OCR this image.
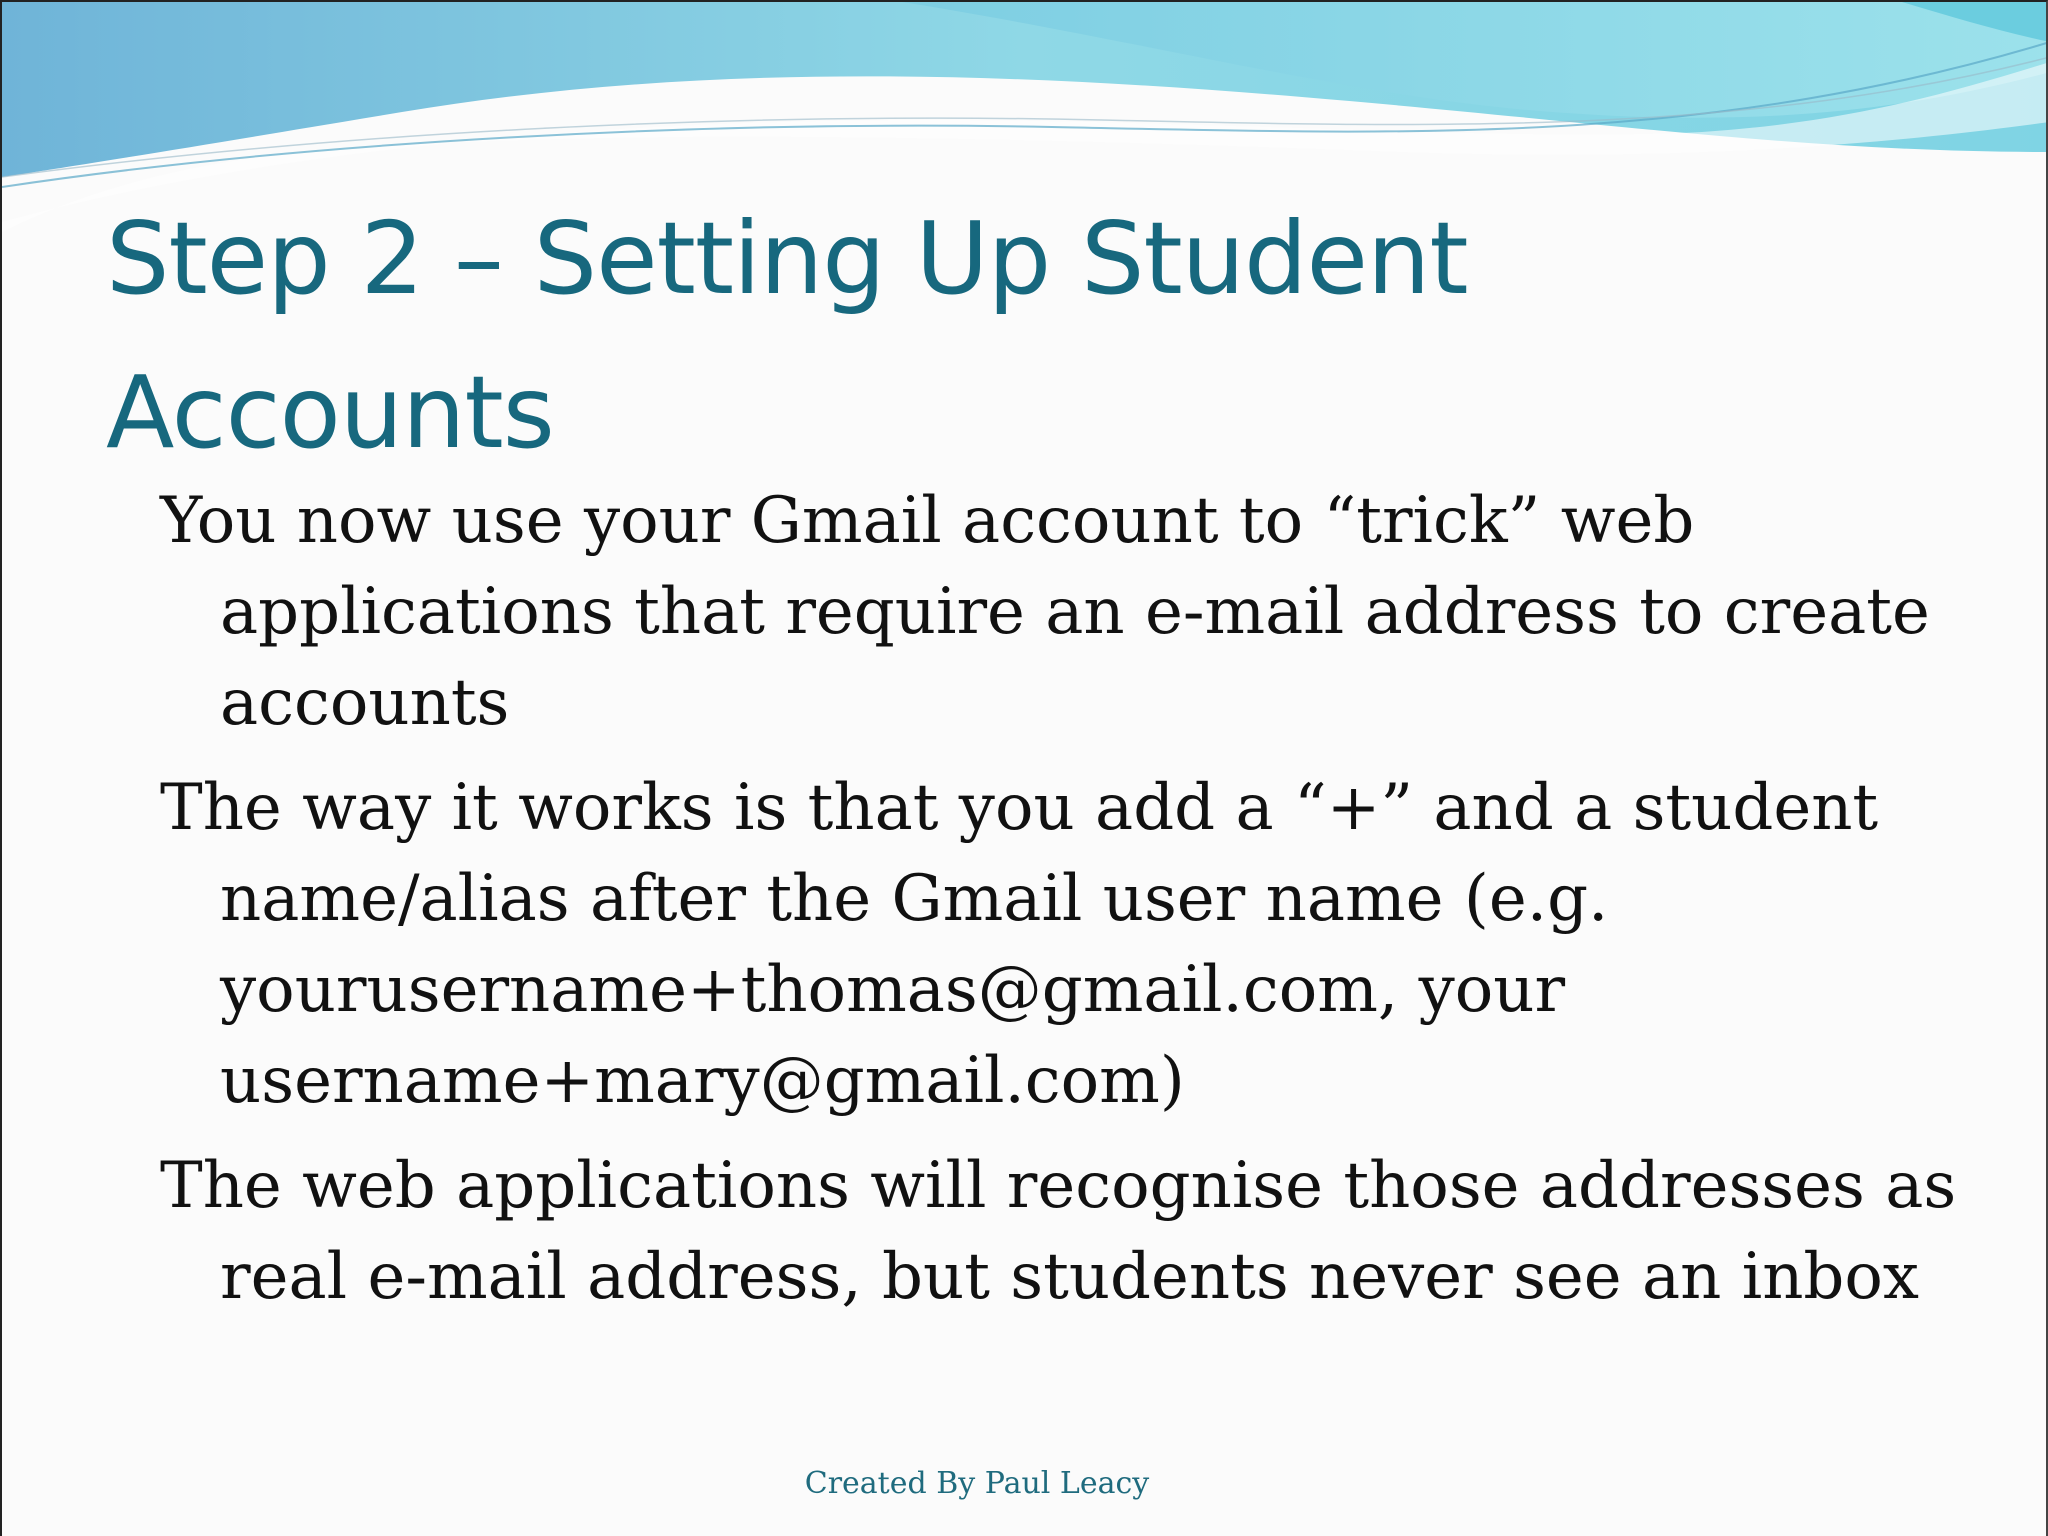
Step 2 – Setting Up Student Accounts
You now use your Gmail account to “trick” web applications that require an e-mail address to create accounts
The way it works is that you add a “+” and a student name/alias after the Gmail user name (e.g. yourusername+thomas@gmail.com, your username+mary@gmail.com)
The web applications will recognise those addresses as real e-mail address, but students never see an inbox
Created By Paul Leacy
